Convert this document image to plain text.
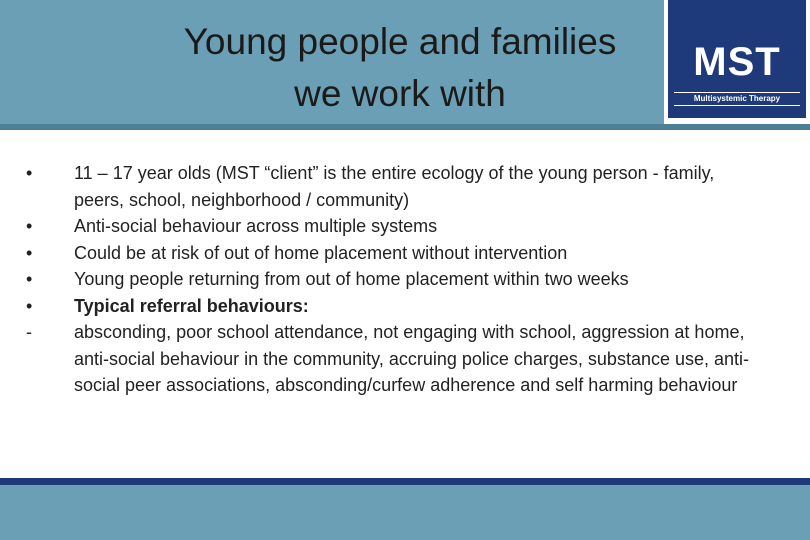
Young people and families
we work with
MST
Multisystemic Therapy
• 11 – 17 year olds (MST “client” is the entire ecology of the young person - family, peers, school, neighborhood / community)
• Anti-social behaviour across multiple systems
• Could be at risk of out of home placement without intervention
• Young people returning from out of home placement within two weeks
• Typical referral behaviours:
- absconding, poor school attendance, not engaging with school, aggression at home, anti-social behaviour in the community, accruing police charges, substance use, anti-social peer associations, absconding/curfew adherence and self harming behaviour
